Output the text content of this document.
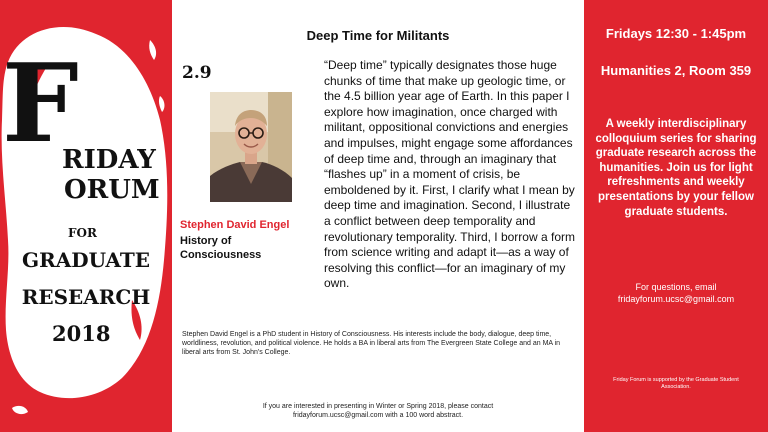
F
RIDAY
ORUM
FOR
GRADUATE
RESEARCH
2018
Deep Time for Militants
2.9
Stephen David Engel
History of
Consciousness
“Deep time” typically designates those huge chunks of time that make up geologic time, or the 4.5 billion year age of Earth. In this paper I explore how imagination, once charged with militant, oppositional convictions and energies and impulses, might engage some affordances of deep time and, through an imaginary that “flashes up” in a moment of crisis, be emboldened by it. First, I clarify what I mean by deep time and imagination. Second, I illustrate a conflict between deep temporality and revolutionary temporality. Third, I borrow a form from science writing and adapt it—as a way of resolving this conflict—for an imaginary of my own.
Stephen David Engel is a PhD student in History of Consciousness. His interests include the body, dialogue, deep time, worldliness, revolution, and political violence. He holds a BA in liberal arts from The Evergreen State College and an MA in liberal arts from St. John's College.
If you are interested in presenting in Winter or Spring 2018, please contact
fridayforum.ucsc@gmail.com with a 100 word abstract.
Fridays 12:30 - 1:45pm
Humanities 2, Room 359
A weekly interdisciplinary colloquium series for sharing graduate research across the humanities. Join us for light refreshments and weekly presentations by your fellow graduate students.
For questions, email
fridayforum.ucsc@gmail.com
Friday Forum is supported by the Graduate Student Association.
